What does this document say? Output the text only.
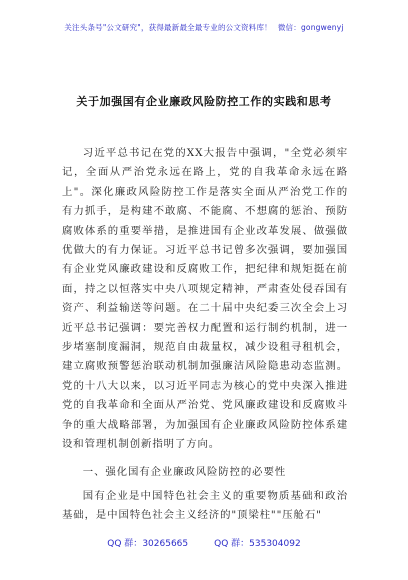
关注头条号"公文研究"，获得最新最全最专业的公文资料库！ 微信：gongwenyj
关于加强国有企业廉政风险防控工作的实践和思考

习近平总书记在党的XX大报告中强调，"全党必须牢记，全面从严治党永远在路上，党的自我革命永远在路上"。深化廉政风险防控工作是落实全面从严治党工作的有力抓手，是构建不敢腐、不能腐、不想腐的惩治、预防腐败体系的重要举措，是推进国有企业改革发展、做强做优做大的有力保证。习近平总书记曾多次强调，要加强国有企业党风廉政建设和反腐败工作，把纪律和规矩挺在前面，持之以恒落实中央八项规定精神，严肃查处侵吞国有资产、利益输送等问题。在二十届中央纪委三次全会上习近平总书记强调：要完善权力配置和运行制约机制，进一步堵塞制度漏洞，规范自由裁量权，减少设租寻租机会，建立腐败预警惩治联动机制加强廉洁风险隐患动态监测。党的十八大以来，以习近平同志为核心的党中央深入推进党的自我革命和全面从严治党、党风廉政建设和反腐败斗争的重大战略部署，为加强国有企业廉政风险防控体系建设和管理机制创新指明了方向。

一、强化国有企业廉政风险防控的必要性

国有企业是中国特色社会主义的重要物质基础和政治基础，是中国特色社会主义经济的"顶梁柱""压舱石"

QQ 群：30265665	QQ 群：535304092
